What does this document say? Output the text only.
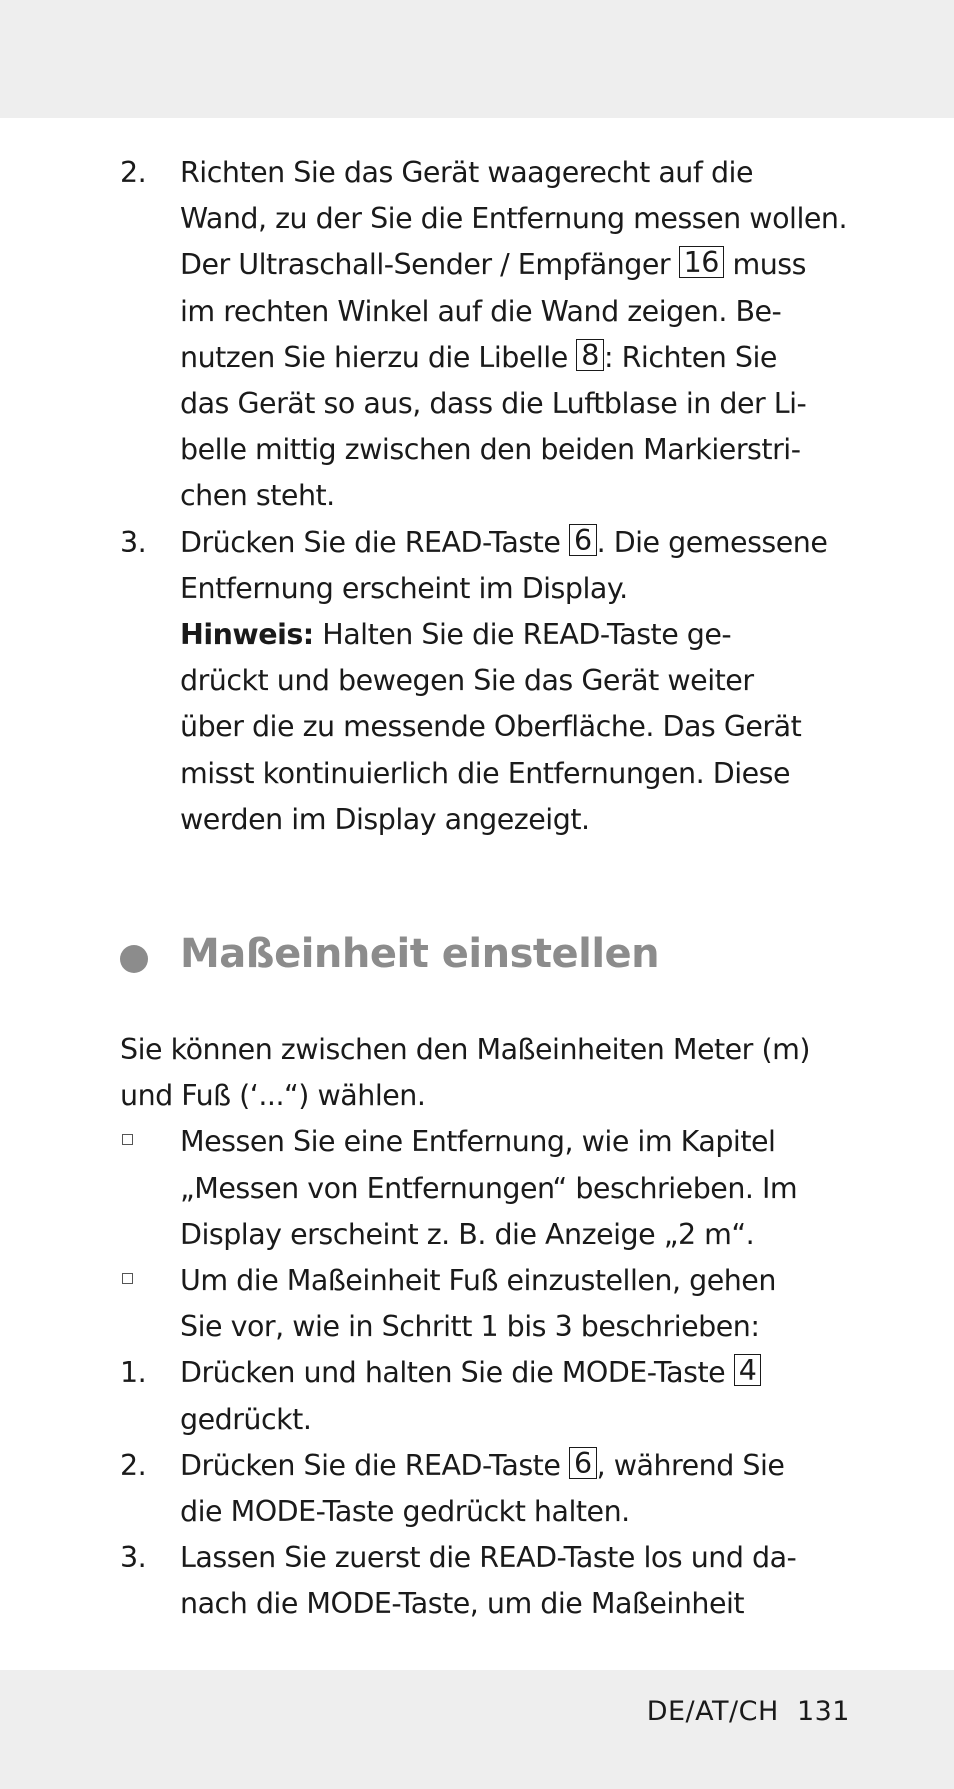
2. Richten Sie das Gerät waagerecht auf die
Wand, zu der Sie die Entfernung messen wollen.
Der Ultraschall-Sender / Empfänger 16 muss
im rechten Winkel auf die Wand zeigen. Be-
nutzen Sie hierzu die Libelle 8 : Richten Sie
das Gerät so aus, dass die Luftblase in der Li-
belle mittig zwischen den beiden Markierstri-
chen steht.
3. Drücken Sie die READ-Taste 6 . Die gemessene
Entfernung erscheint im Display.
Hinweis: Halten Sie die READ-Taste ge-
drückt und bewegen Sie das Gerät weiter
über die zu messende Oberfläche. Das Gerät
misst kontinuierlich die Entfernungen. Diese
werden im Display angezeigt.
Maßeinheit einstellen
Sie können zwischen den Maßeinheiten Meter (m)
und Fuß (‘...“) wählen.
Messen Sie eine Entfernung, wie im Kapitel
„Messen von Entfernungen“ beschrieben. Im
Display erscheint z. B. die Anzeige „2 m“.
Um die Maßeinheit Fuß einzustellen, gehen
Sie vor, wie in Schritt 1 bis 3 beschrieben:
1. Drücken und halten Sie die MODE-Taste 4
gedrückt.
2. Drücken Sie die READ-Taste 6 , während Sie
die MODE-Taste gedrückt halten.
3. Lassen Sie zuerst die READ-Taste los und da-
nach die MODE-Taste, um die Maßeinheit
DE/AT/CH 131
